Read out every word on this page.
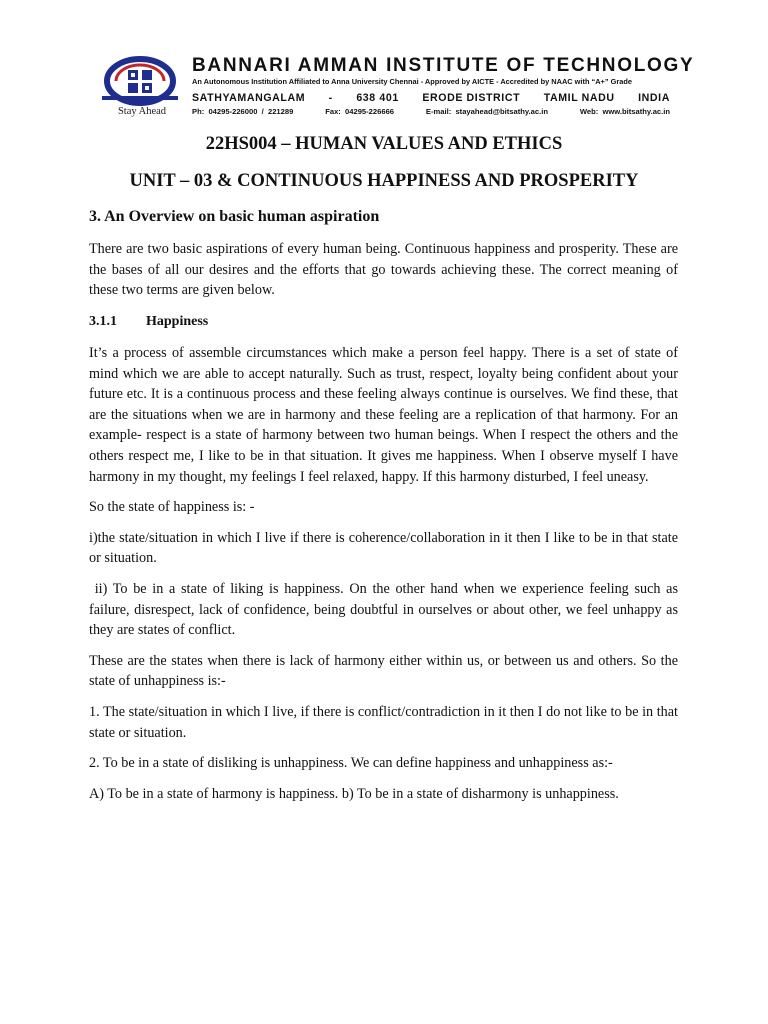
Stay Ahead
BANNARI AMMAN INSTITUTE OF TECHNOLOGY
An Autonomous Institution Affiliated to Anna University Chennai - Approved by AICTE - Accredited by NAAC with “A+” Grade
SATHYAMANGALAM - 638 401 ERODE DISTRICT TAMIL NADU INDIA
Ph:  04295-226000  /  221289	Fax:  04295-226666	E-mail:  stayahead@bitsathy.ac.in	Web:  www.bitsathy.ac.in
22HS004 – HUMAN VALUES AND ETHICS
UNIT – 03 & CONTINUOUS HAPPINESS AND PROSPERITY
3. An Overview on basic human aspiration

There are two basic aspirations of every human being. Continuous happiness and prosperity. These are the bases of all our desires and the efforts that go towards achieving these. The correct meaning of these two terms are given below.

3.1.1 Happiness

It’s a process of assemble circumstances which make a person feel happy. There is a set of state of mind which we are able to accept naturally. Such as trust, respect, loyalty being confident about your future etc. It is a continuous process and these feeling always continue is ourselves. We find these, that are the situations when we are in harmony and these feeling are a replication of that harmony. For an example- respect is a state of harmony between two human beings. When I respect the others and the others respect me, I like to be in that situation. It gives me happiness. When I observe myself I have harmony in my thought, my feelings I feel relaxed, happy. If this harmony disturbed, I feel uneasy.

So the state of happiness is: -

i)the state/situation in which I live if there is coherence/collaboration in it then I like to be in that state or situation.

ii) To be in a state of liking is happiness. On the other hand when we experience feeling such as failure, disrespect, lack of confidence, being doubtful in ourselves or about other, we feel unhappy as they are states of conflict.

These are the states when there is lack of harmony either within us, or between us and others. So the state of unhappiness is:-

1. The state/situation in which I live, if there is conflict/contradiction in it then I do not like to be in that state or situation.

2. To be in a state of disliking is unhappiness. We can define happiness and unhappiness as:-

A) To be in a state of harmony is happiness. b) To be in a state of disharmony is unhappiness.
